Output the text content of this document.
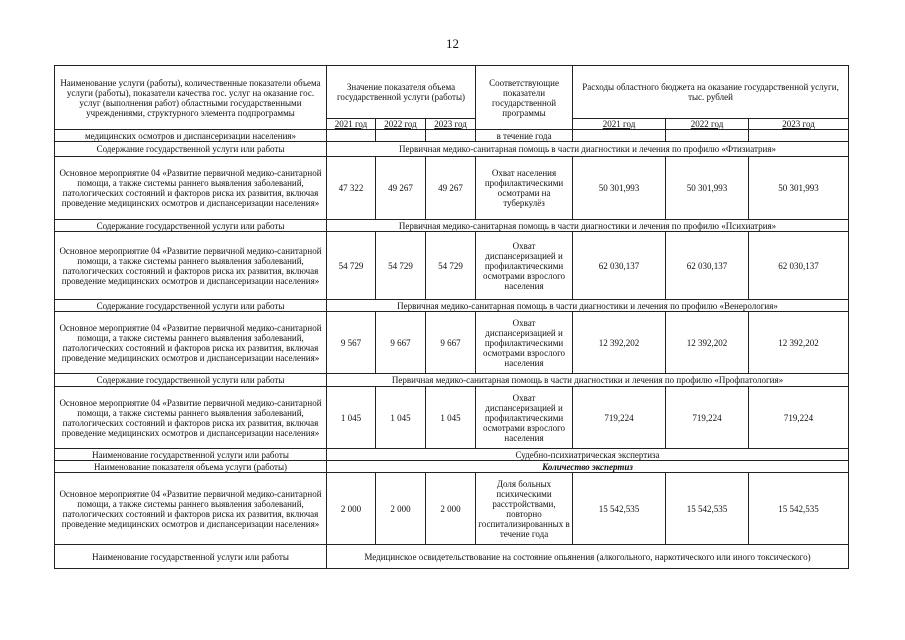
12
Наименование услуги (работы), количественные показатели объема услуги (работы), показатели качества гос. услуг на оказание гос. услуг (выполнения работ) областными государственными учреждениями, структурного элемента подпрограммы	Значение показателя объема государственной услуги (работы)			Соответствующие показатели государственной программы	Расходы областного бюджета на оказание государственной услуги, тыс. рублей		
	2021 год	2022 год	2023 год		2021 год	2022 год	2023 год
медицинских осмотров и диспансеризации населения»				в течение года			
Содержание государственной услуги или работы	Первичная медико-санитарная помощь в части диагностики и лечения по профилю «Фтизиатрия»						
Основное мероприятие 04 «Развитие первичной медико-санитарной помощи, а также системы раннего выявления заболеваний, патологических состояний и факторов риска их развития, включая проведение медицинских осмотров и диспансеризации населения»	47 322	49 267	49 267	Охват населения профилактическими осмотрами на туберкулёз	50 301,993	50 301,993	50 301,993
Содержание государственной услуги или работы	Первичная медико-санитарная помощь в части диагностики и лечения по профилю «Психиатрия»						
Основное мероприятие 04 «Развитие первичной медико-санитарной помощи, а также системы раннего выявления заболеваний, патологических состояний и факторов риска их развития, включая проведение медицинских осмотров и диспансеризации населения»	54 729	54 729	54 729	Охват диспансеризацией и профилактическими осмотрами взрослого населения	62 030,137	62 030,137	62 030,137
Содержание государственной услуги или работы	Первичная медико-санитарная помощь в части диагностики и лечения по профилю «Венерология»						
Основное мероприятие 04 «Развитие первичной медико-санитарной помощи, а также системы раннего выявления заболеваний, патологических состояний и факторов риска их развития, включая проведение медицинских осмотров и диспансеризации населения»	9 567	9 667	9 667	Охват диспансеризацией и профилактическими осмотрами взрослого населения	12 392,202	12 392,202	12 392,202
Содержание государственной услуги или работы	Первичная медико-санитарная помощь в части диагностики и лечения по профилю «Профпатология»						
Основное мероприятие 04 «Развитие первичной медико-санитарной помощи, а также системы раннего выявления заболеваний, патологических состояний и факторов риска их развития, включая проведение медицинских осмотров и диспансеризации населения»	1 045	1 045	1 045	Охват диспансеризацией и профилактическими осмотрами взрослого населения	719,224	719,224	719,224
Наименование государственной услуги или работы	Судебно-психиатрическая экспертиза						
Наименование показателя объема услуги (работы)	Количество экспертиз						
Основное мероприятие 04 «Развитие первичной медико-санитарной помощи, а также системы раннего выявления заболеваний, патологических состояний и факторов риска их развития, включая проведение медицинских осмотров и диспансеризации населения»	2 000	2 000	2 000	Доля больных психическими расстройствами, повторно госпитализированных в течение года	15 542,535	15 542,535	15 542,535
Наименование государственной услуги или работы	Медицинское освидетельствование на состояние опьянения (алкогольного, наркотического или иного токсического)						
